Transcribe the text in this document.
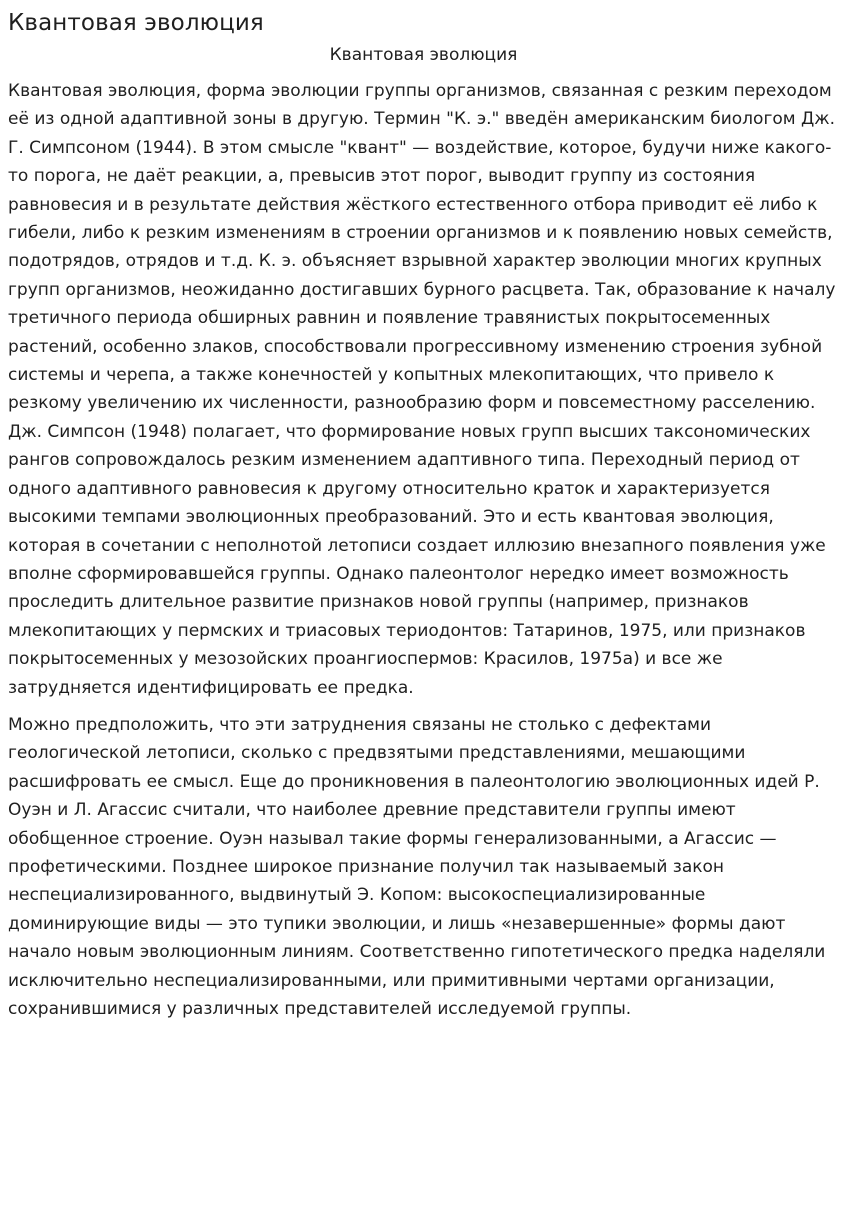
Квантовая эволюция
Квантовая эволюция

Квантовая эволюция, форма эволюции группы организмов, связанная с резким переходом её из одной адаптивной зоны в другую. Термин "К. э." введён американским биологом Дж. Г. Симпсоном (1944). В этом смысле "квант" — воздействие, которое, будучи ниже какого-то порога, не даёт реакции, а, превысив этот порог, выводит группу из состояния равновесия и в результате действия жёсткого естественного отбора приводит её либо к гибели, либо к резким изменениям в строении организмов и к появлению новых семейств, подотрядов, отрядов и т.д. К. э. объясняет взрывной характер эволюции многих крупных групп организмов, неожиданно достигавших бурного расцвета. Так, образование к началу третичного периода обширных равнин и появление травянистых покрытосеменных растений, особенно злаков, способствовали прогрессивному изменению строения зубной системы и черепа, а также конечностей у копытных млекопитающих, что привело к резкому увеличению их численности, разнообразию форм и повсеместному расселению. Дж. Симпсон (1948) полагает, что формирование новых групп высших таксономических рангов сопровождалось резким изменением адаптивного типа. Переходный период от одного адаптивного равновесия к другому относительно краток и характеризуется высокими темпами эволюционных преобразований. Это и есть квантовая эволюция, которая в сочетании с неполнотой летописи создает иллюзию внезапного появления уже вполне сформировавшейся группы. Однако палеонтолог нередко имеет возможность проследить длительное развитие признаков новой группы (например, признаков млекопитающих у пермских и триасовых териодонтов: Татаринов, 1975, или признаков покрытосеменных у мезозойских проангиоспермов: Красилов, 1975а) и все же затрудняется идентифицировать ее предка.

Можно предположить, что эти затруднения связаны не столько с дефектами геологической летописи, сколько с предвзятыми представлениями, мешающими расшифровать ее смысл. Еще до проникновения в палеонтологию эволюционных идей Р. Оуэн и Л. Агассис считали, что наиболее древние представители группы имеют обобщенное строение. Оуэн называл такие формы генерализованными, а Агассис — профетическими. Позднее широкое признание получил так называемый закон неспециализированного, выдвинутый Э. Копом: высокоспециализированные доминирующие виды — это тупики эволюции, и лишь «незавершенные» формы дают начало новым эволюционным линиям. Соответственно гипотетического предка наделяли исключительно неспециализированными, или примитивными чертами организации, сохранившимися у различных представителей исследуемой группы.
